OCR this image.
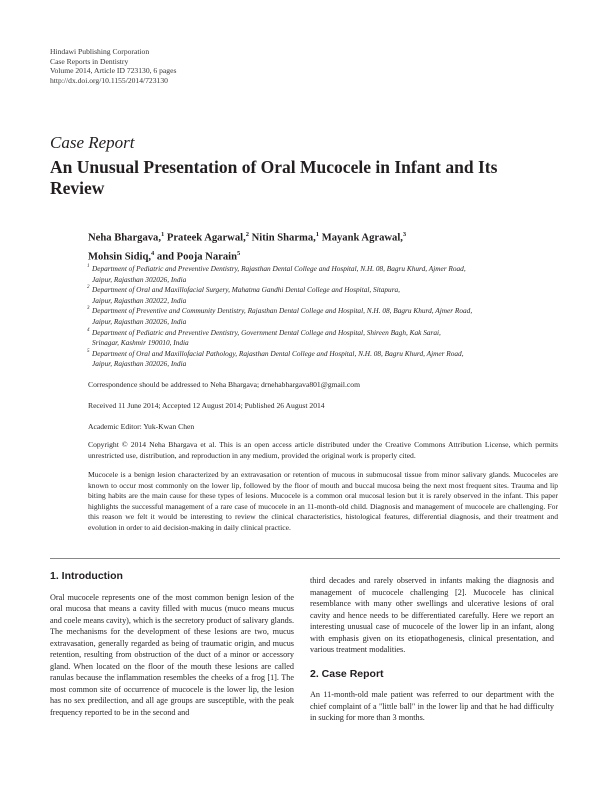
Hindawi Publishing Corporation
Case Reports in Dentistry
Volume 2014, Article ID 723130, 6 pages
http://dx.doi.org/10.1155/2014/723130
Case Report
An Unusual Presentation of Oral Mucocele in Infant and Its Review
Neha Bhargava,$^1$ Prateek Agarwal,$^2$ Nitin Sharma,$^1$ Mayank Agrawal,$^3$
Mohsin Sidiq,$^4$ and Pooja Narain$^5$
1 Department of Pediatric and Preventive Dentistry, Rajasthan Dental College and Hospital, N.H. 08, Bagru Khurd, Ajmer Road,
Jaipur, Rajasthan 302026, India
2 Department of Oral and Maxillofacial Surgery, Mahatma Gandhi Dental College and Hospital, Sitapura,
Jaipur, Rajasthan 302022, India
3 Department of Preventive and Community Dentistry, Rajasthan Dental College and Hospital, N.H. 08, Bagru Khurd, Ajmer Road,
Jaipur, Rajasthan 302026, India
4 Department of Pediatric and Preventive Dentistry, Government Dental College and Hospital, Shireen Bagh, Kak Sarai,
Srinagar, Kashmir 190010, India
5 Department of Oral and Maxillofacial Pathology, Rajasthan Dental College and Hospital, N.H. 08, Bagru Khurd, Ajmer Road,
Jaipur, Rajasthan 302026, India
Correspondence should be addressed to Neha Bhargava; drnehabhargava801@gmail.com
Received 11 June 2014; Accepted 12 August 2014; Published 26 August 2014
Academic Editor: Yuk-Kwan Chen

Copyright © 2014 Neha Bhargava et al. This is an open access article distributed under the Creative Commons Attribution License, which permits unrestricted use, distribution, and reproduction in any medium, provided the original work is properly cited.

Mucocele is a benign lesion characterized by an extravasation or retention of mucous in submucosal tissue from minor salivary glands. Mucoceles are known to occur most commonly on the lower lip, followed by the floor of mouth and buccal mucosa being the next most frequent sites. Trauma and lip biting habits are the main cause for these types of lesions. Mucocele is a common oral mucosal lesion but it is rarely observed in the infant. This paper highlights the successful management of a rare case of mucocele in an 11-month-old child. Diagnosis and management of mucocele are challenging. For this reason we felt it would be interesting to review the clinical characteristics, histological features, differential diagnosis, and their treatment and evolution in order to aid decision-making in daily clinical practice.

1. Introduction

Oral mucocele represents one of the most common benign lesion of the oral mucosa that means a cavity filled with mucus (muco means mucus and coele means cavity), which is the secretory product of salivary glands. The mechanisms for the development of these lesions are two, mucus extravasation, generally regarded as being of traumatic origin, and mucus retention, resulting from obstruction of the duct of a minor or accessory gland. When located on the floor of the mouth these lesions are called ranulas because the inflammation resembles the cheeks of a frog [1]. The most common site of occurrence of mucocele is the lower lip, the lesion has no sex predilection, and all age groups are susceptible, with the peak frequency reported to be in the second and

third decades and rarely observed in infants making the diagnosis and management of mucocele challenging [2]. Mucocele has clinical resemblance with many other swellings and ulcerative lesions of oral cavity and hence needs to be differentiated carefully. Here we report an interesting unusual case of mucocele of the lower lip in an infant, along with emphasis given on its etiopathogenesis, clinical presentation, and various treatment modalities.

2. Case Report

An 11-month-old male patient was referred to our department with the chief complaint of a "little ball" in the lower lip and that he had difficulty in sucking for more than 3 months.
